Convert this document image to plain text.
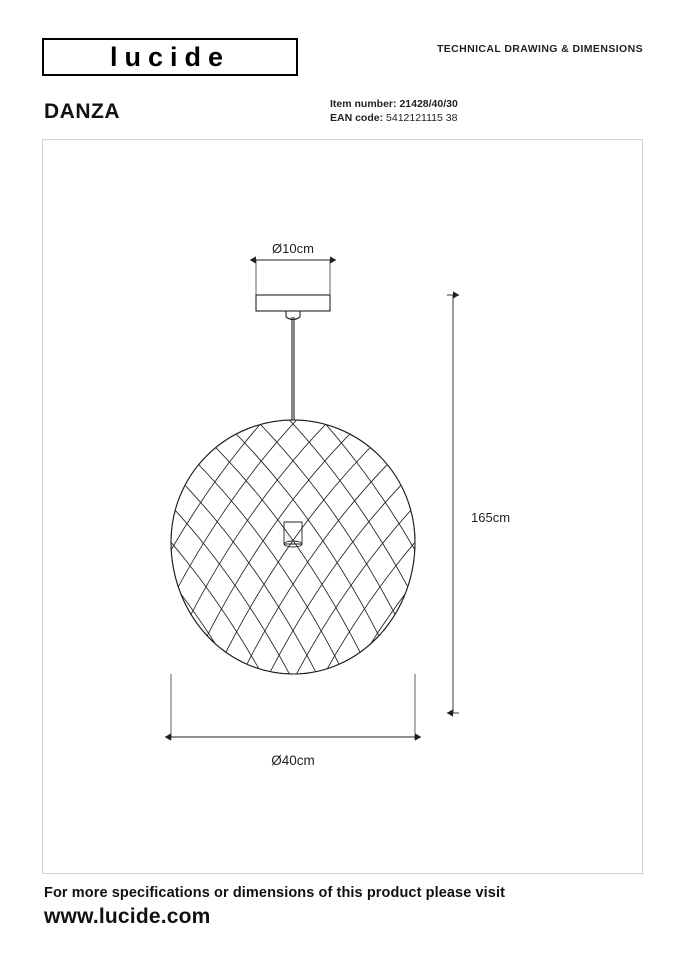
lucide	TECHNICAL DRAWING & DIMENSIONS
DANZA	Item number: 21428/40/30
EAN code: 5412121115 38
Ø10cm
165cm
Ø40cm
For more specifications or dimensions of this product please visit
www.lucide.com
